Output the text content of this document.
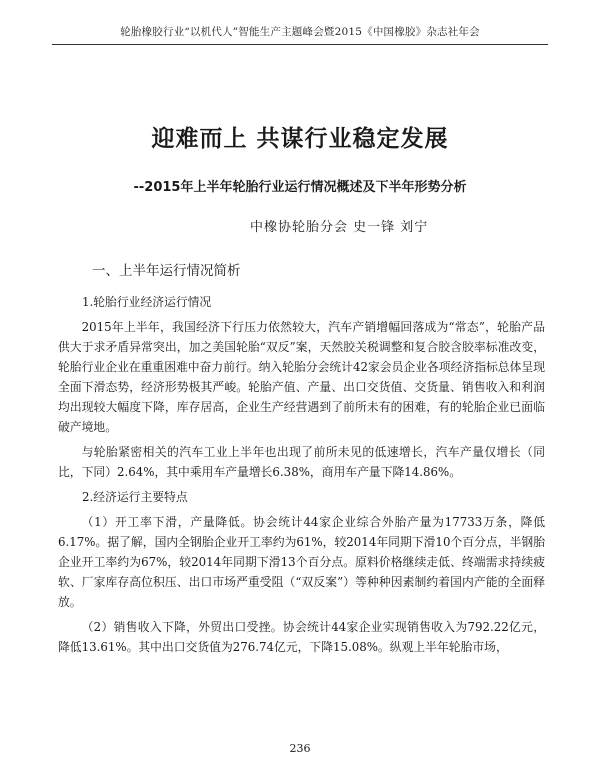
轮胎橡胶行业“以机代人”智能生产主题峰会暨2015《中国橡胶》杂志社年会
迎难而上 共谋行业稳定发展
--2015年上半年轮胎行业运行情况概述及下半年形势分析
中橡协轮胎分会 史一锋 刘宁
一、上半年运行情况简析

1.轮胎行业经济运行情况

2015年上半年，我国经济下行压力依然较大，汽车产销增幅回落成为“常态”，轮胎产品供大于求矛盾异常突出，加之美国轮胎“双反”案，天然胶关税调整和复合胶含胶率标准改变，轮胎行业企业在重重困难中奋力前行。纳入轮胎分会统计42家会员企业各项经济指标总体呈现全面下滑态势，经济形势极其严峻。轮胎产值、产量、出口交货值、交货量、销售收入和利润均出现较大幅度下降，库存居高，企业生产经营遇到了前所未有的困难，有的轮胎企业已面临破产境地。

与轮胎紧密相关的汽车工业上半年也出现了前所未见的低速增长，汽车产量仅增长（同比，下同）2.64%，其中乘用车产量增长6.38%，商用车产量下降14.86%。

2.经济运行主要特点

（1）开工率下滑，产量降低。协会统计44家企业综合外胎产量为17733万条，降低6.17%。据了解，国内全钢胎企业开工率约为61%，较2014年同期下滑10个百分点，半钢胎企业开工率约为67%，较2014年同期下滑13个百分点。原料价格继续走低、终端需求持续疲软、厂家库存高位积压、出口市场严重受阻（“双反案”）等种种因素制约着国内产能的全面释放。

（2）销售收入下降，外贸出口受挫。协会统计44家企业实现销售收入为792.22亿元，降低13.61%。其中出口交货值为276.74亿元，下降15.08%。纵观上半年轮胎市场，

236
